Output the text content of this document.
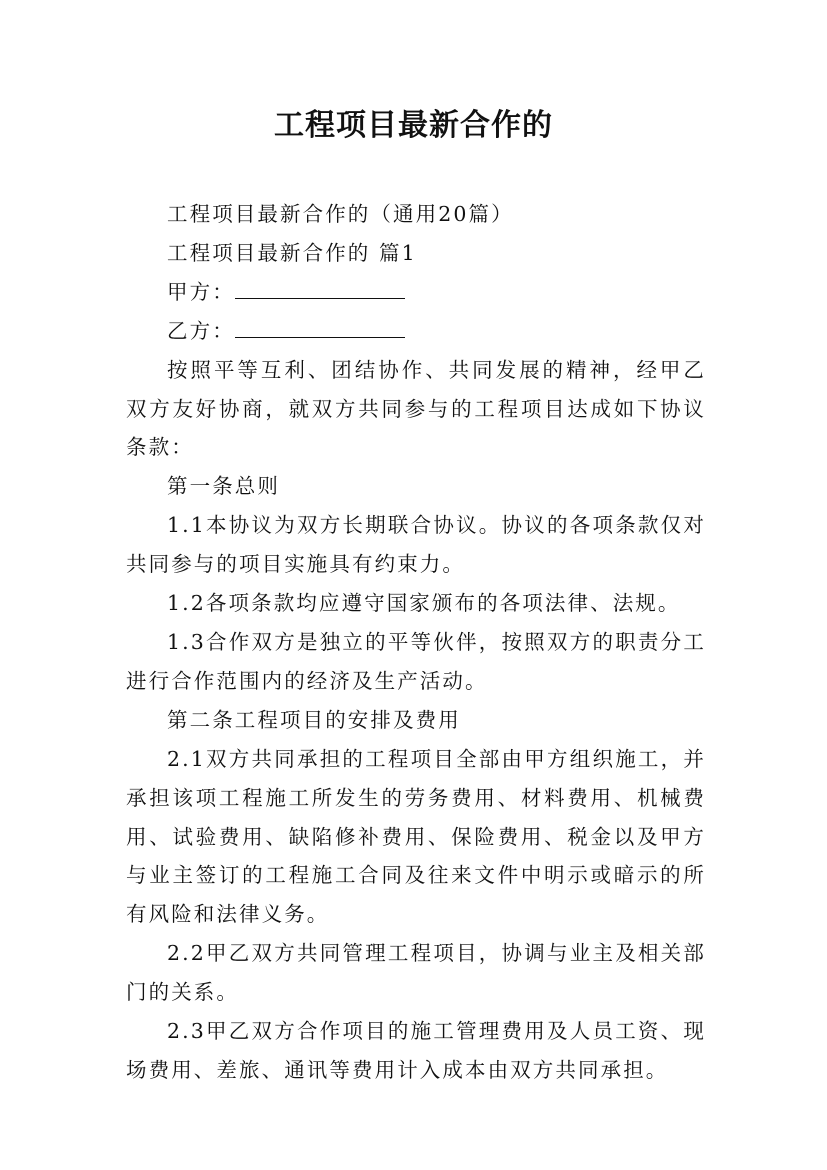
工程项目最新合作的

工程项目最新合作的（通用20篇）

工程项目最新合作的 篇1

甲方：

乙方：

按照平等互利、团结协作、共同发展的精神，经甲乙双方友好协商，就双方共同参与的工程项目达成如下协议条款：

第一条总则

1.1本协议为双方长期联合协议。协议的各项条款仅对共同参与的项目实施具有约束力。

1.2各项条款均应遵守国家颁布的各项法律、法规。

1.3合作双方是独立的平等伙伴，按照双方的职责分工进行合作范围内的经济及生产活动。

第二条工程项目的安排及费用

2.1双方共同承担的工程项目全部由甲方组织施工，并承担该项工程施工所发生的劳务费用、材料费用、机械费用、试验费用、缺陷修补费用、保险费用、税金以及甲方与业主签订的工程施工合同及往来文件中明示或暗示的所有风险和法律义务。

2.2甲乙双方共同管理工程项目，协调与业主及相关部门的关系。

2.3甲乙双方合作项目的施工管理费用及人员工资、现场费用、差旅、通讯等费用计入成本由双方共同承担。
